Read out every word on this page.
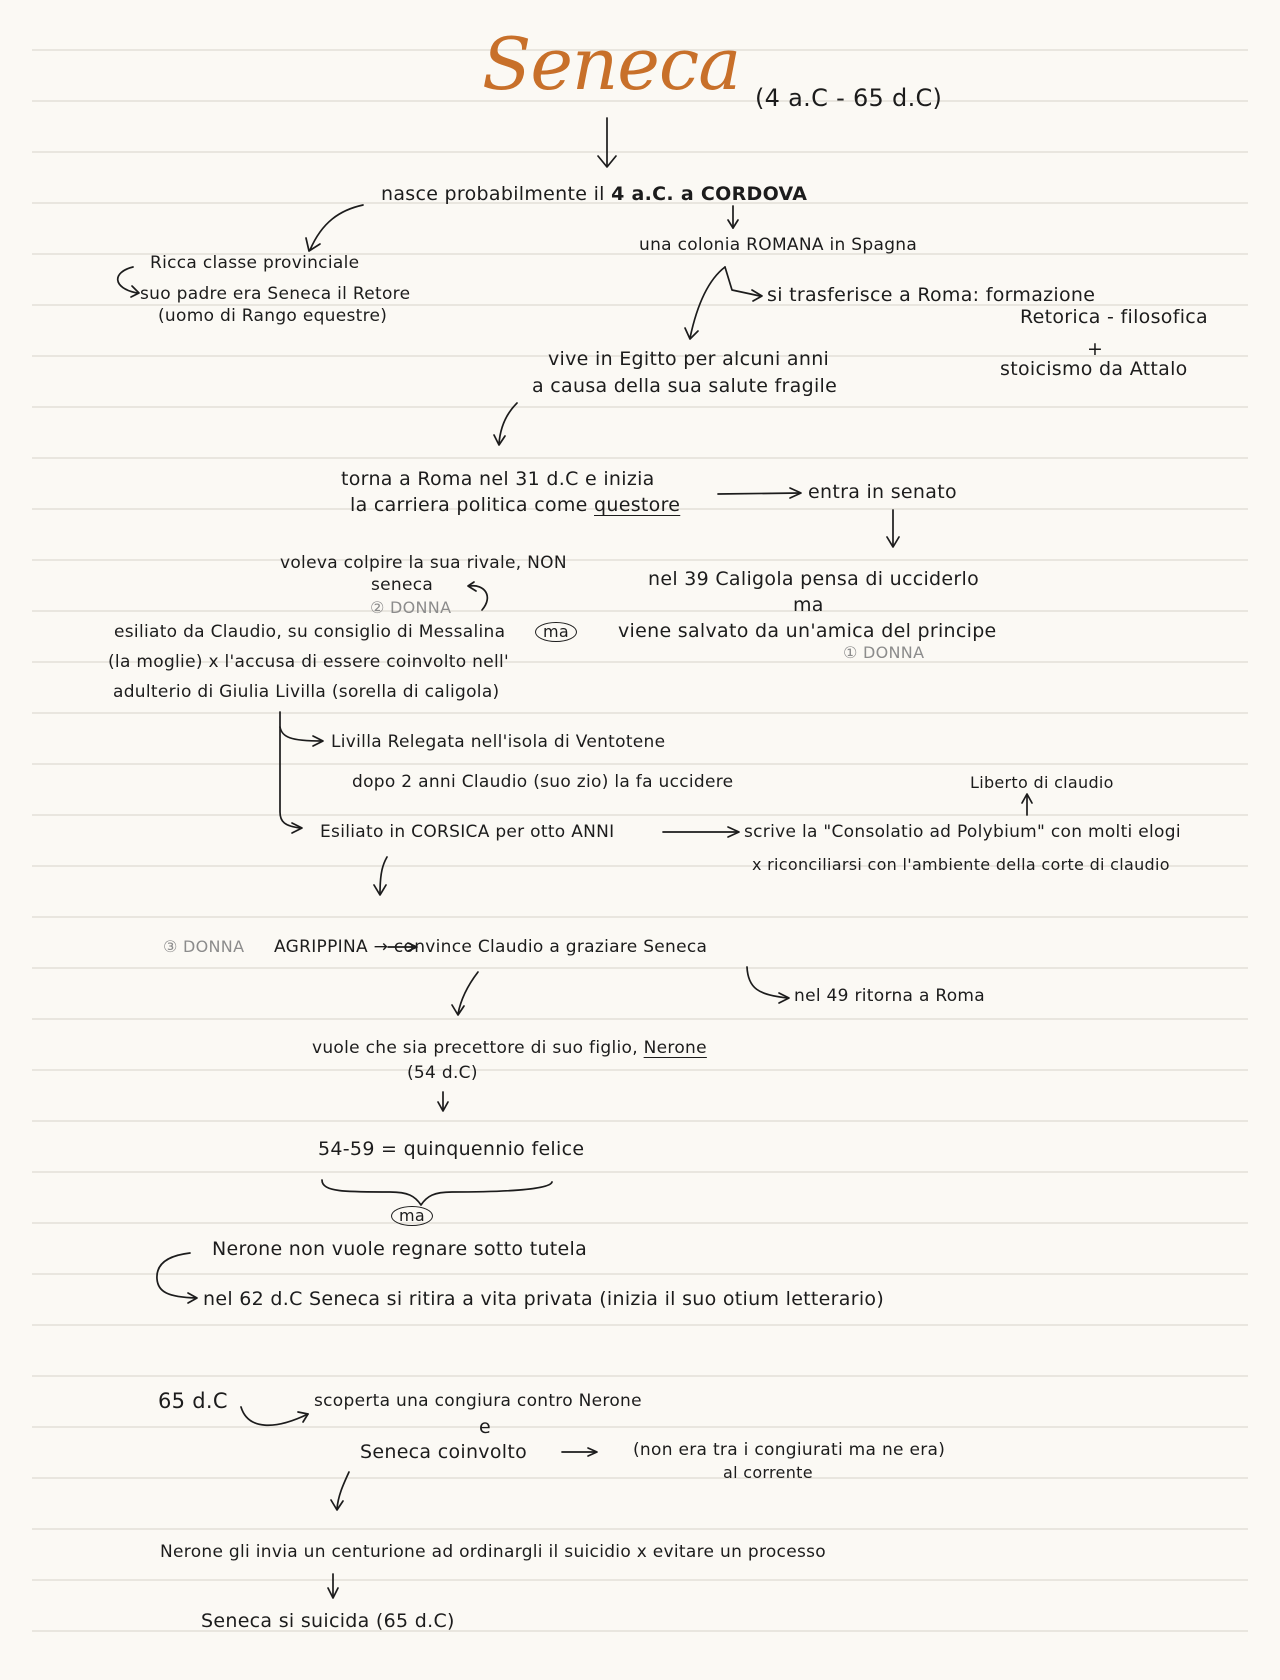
Seneca (4 a.C - 65 d.C)
nasce probabilmente il 4 a.C. a CORDOVA
una colonia ROMANA in Spagna
Ricca classe provinciale
suo padre era Seneca il Retore
(uomo di Rango equestre)
si trasferisce a Roma: formazione
Retorica - filosofica
+
stoicismo da Attalo
vive in Egitto per alcuni anni
a causa della sua salute fragile
torna a Roma nel 31 d.C e inizia
la carriera politica come questore
entra in senato
nel 39 Caligola pensa di ucciderlo
ma
viene salvato da un'amica del principe
① DONNA
voleva colpire la sua rivale, NON
seneca
② DONNA
esiliato da Claudio, su consiglio di Messalina
(la moglie) x l'accusa di essere coinvolto nell'
adulterio di Giulia Livilla (sorella di caligola)
ma
Livilla Relegata nell'isola di Ventotene
dopo 2 anni Claudio (suo zio) la fa uccidere
Esiliato in CORSICA per otto ANNI
Liberto di claudio
scrive la "Consolatio ad Polybium" con molti elogi
x riconciliarsi con l'ambiente della corte di claudio
③ DONNA AGRIPPINA → convince Claudio a graziare Seneca
nel 49 ritorna a Roma
vuole che sia precettore di suo figlio, Nerone
(54 d.C)
54-59 = quinquennio felice
ma
Nerone non vuole regnare sotto tutela
nel 62 d.C Seneca si ritira a vita privata (inizia il suo otium letterario)
65 d.C	scoperta una congiura contro Nerone
e
Seneca coinvolto	(non era tra i congiurati ma ne era)
al corrente
Nerone gli invia un centurione ad ordinargli il suicidio x evitare un processo
Seneca si suicida (65 d.C)
